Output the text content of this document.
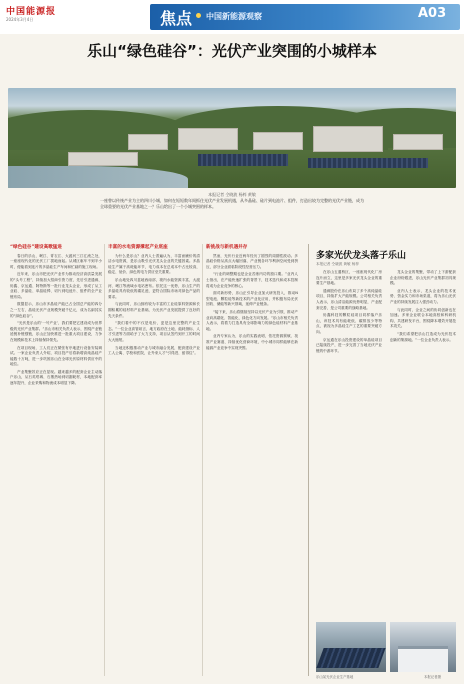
中国能源报
2024年3月4日	焦点 中国新能源观察	A03
乐山“绿色硅谷”：光伏产业突围的小城样本
本报记者 仝晓波 杨梓 黄敏
一座曾以传统产业为主的四川小城，如何在短短数年间抓住光伏产业发展机遇，从多晶硅、硅片到电池片、组件，打造出较为完整的光伏产业链，成为全球重要的光伏产业基地之一？乐山给出了一个小城突围的样本。
“绿色硅谷”建设高歌猛进

春日的乐山，岷江、青衣江、大渡河三江汇流之处，一座座现代化的光伏工厂拔地而起。从城区驱车不到半小时，便能看到连片的多晶硅生产车间和忙碌的施工现场。

近年来，乐山市把光伏产业作为推动经济高质量发展的“头号工程”，持续加大招商引资力度，先后引进通威、协鑫、京运通、阿特斯等一批行业龙头企业，形成了从工业硅、多晶硅、单晶硅棒、切片到电池片、组件的全产业链布局。

数据显示，乐山市多晶硅产能已占全国总产能的四分之一左右，晶硅光伏产业规模突破千亿元，成为名副其实的“绿色硅谷”。

“光伏是乐山的‘一号产业’，我们要把它建设成为世界级的光伏产业集群。”乐山市相关负责人表示，围绕产业链延链补链强链，乐山正加快推进一批重大项目建设，力争在规模和技术上持续保持领先。

在项目现场，工人们正在紧张有序地进行设备安装调试。一家企业负责人介绍，项目投产后将新增高纯晶硅产能数十万吨，进一步巩固乐山在全球光伏原材料供应中的地位。

产业集聚效应正在显现。越来越多的配套企业主动落户乐山，从石英坩埚、石墨热场到切割耗材，本地配套率逐年提升，企业采购和物流成本明显下降。

丰富的水电资源撑起产业底座

为什么是乐山？业内人士普遍认为，丰富而廉价的清洁水电资源，是乐山吸引光伏龙头企业的关键因素。多晶硅生产属于高耗能环节，电力成本在总成本中占比较高，稳定、低价、绿色的电力供应至关重要。

乐山地处四川盆地西南部，境内水能资源丰富，大渡河、岷江等流域水电站密布。依托这一优势，乐山生产的多晶硅具有较低的碳足迹，更符合国际市场对绿色产品的要求。

与此同时，乐山拥有较为丰富的工业硅原料资源和长期积累的硅材料产业基础，为光伏产业发展提供了良好的先天条件。

“我们看中的不仅是电价，更是这里完整的产业生态。”一位企业高管坦言，地方政府在土地、能耗指标、人才引进等方面给予了大力支持，项目从签约到开工的时间大大缩短。

当地还积极推动产业与城市融合发展，配套建设产业工人公寓、学校和医院，让外来人才“引得进、留得住”。

新挑战与新机遇并存

然而，光伏行业近两年经历了剧烈的周期性波动。多晶硅价格从高点大幅回落，产业链各环节利润空间受到挤压，部分企业面临阶段性经营压力。

“行业的调整期也是企业苦练内功的窗口期。”业内人士指出，在产能快速扩张的背景下，技术迭代和成本控制将成为企业竞争的核心。

面对新形势，乐山正引导企业加大研发投入，推动N型电池、颗粒硅等新技术的产业化应用，并积极布局光伏回收、储能等新兴领域，延伸产业链条。

“接下来，乐山将继续坚持以光伏产业为引领，推动产业向高端化、智能化、绿色化方向发展。”乐山市相关负责人表示，将着力打造具有全球影响力的绿色硅材料产业基地。

业内专家认为，乐山的实践表明，依托资源禀赋、找准产业赛道、持续优化营商环境，中小城市同样能够在新能源产业竞争中实现突围。

多家光伏龙头落子乐山
本报记者 仝晓波 黄敏 杨梓

在乐山五通桥区，一座座现代化厂房连片而立，这里是多家光伏龙头企业的重要生产基地。

通威股份在乐山布局了多个高纯晶硅项目，持续扩大产能规模。公司相关负责人表示，乐山清洁能源优势明显，产业配套完善，是公司重要的战略基地。

协鑫科技的颗粒硅项目同样落户乐山，该技术具有能耗低、碳排放少等特点，被视为多晶硅生产工艺的重要突破方向。

京运通在乐山投资建设的单晶硅项目已陆续投产，进一步完善了当地光伏产业链的中游环节。

龙头企业的集聚，带动了上下游配套企业纷纷跟进，乐山光伏产业集群初具规模。

业内人士表示，龙头企业的技术优势、资金实力和市场渠道，将为乐山光伏产业的持续发展注入强劲动力。

与此同时，企业之间的协同创新也在加速。多家企业联合本地高校和科研机构，共建研发平台，围绕降本增效开展技术攻关。

“我们希望把乐山打造成为光伏技术创新的策源地。”一位企业负责人表示。

乐山某光伏企业生产基地	本报记者摄
